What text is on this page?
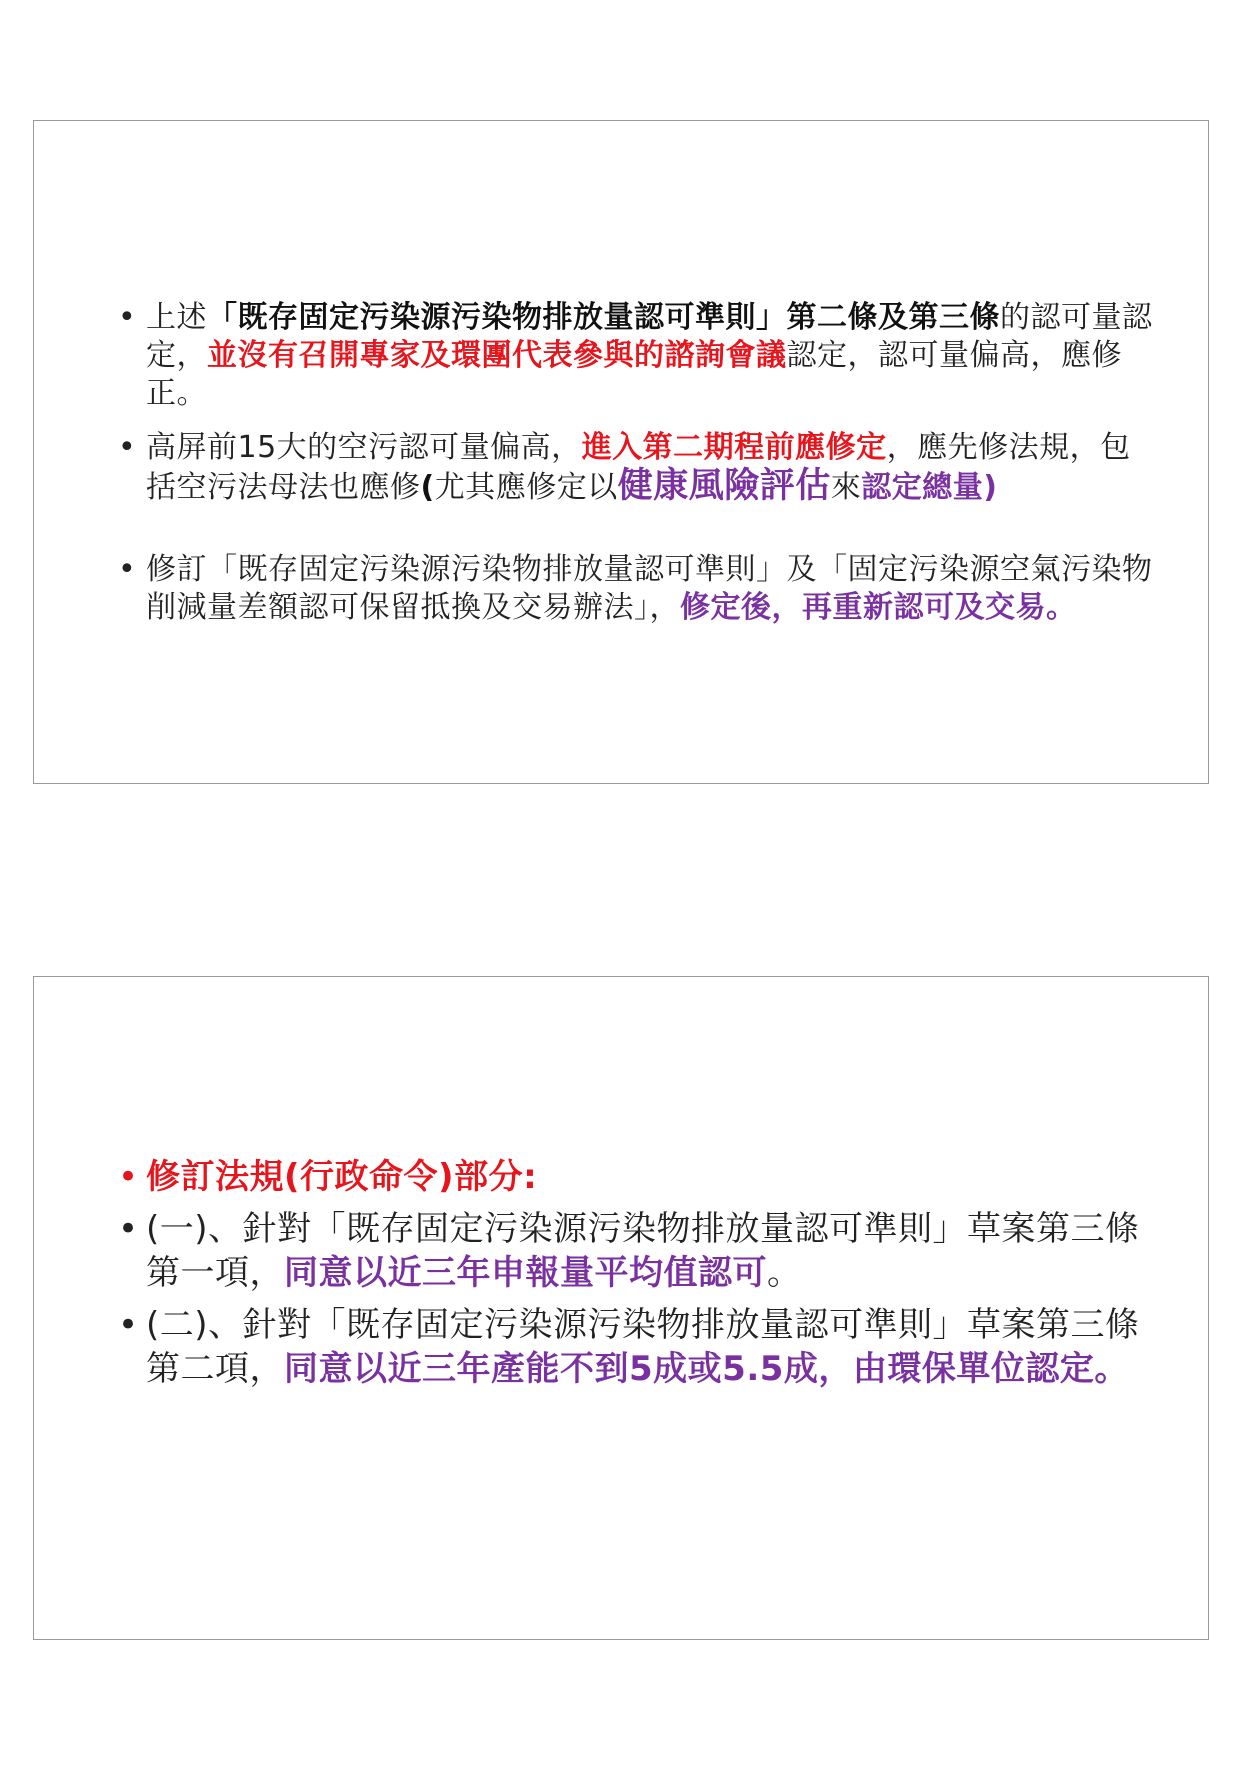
• 上述「既存固定污染源污染物排放量認可準則」第二條及第三條的認可量認定，並沒有召開專家及環團代表參與的諮詢會議認定，認可量偏高，應修正。
• 高屏前15大的空污認可量偏高，進入第二期程前應修定，應先修法規，包括空污法母法也應修(尤其應修定以健康風險評估來認定總量)
• 修訂「既存固定污染源污染物排放量認可準則」及「固定污染源空氣污染物削減量差額認可保留抵換及交易辦法」，修定後，再重新認可及交易。
• 修訂法規(行政命令)部分:
• (一)、針對「既存固定污染源污染物排放量認可準則」草案第三條第一項，同意以近三年申報量平均值認可。
• (二)、針對「既存固定污染源污染物排放量認可準則」草案第三條第二項，同意以近三年產能不到5成或5.5成，由環保單位認定。
